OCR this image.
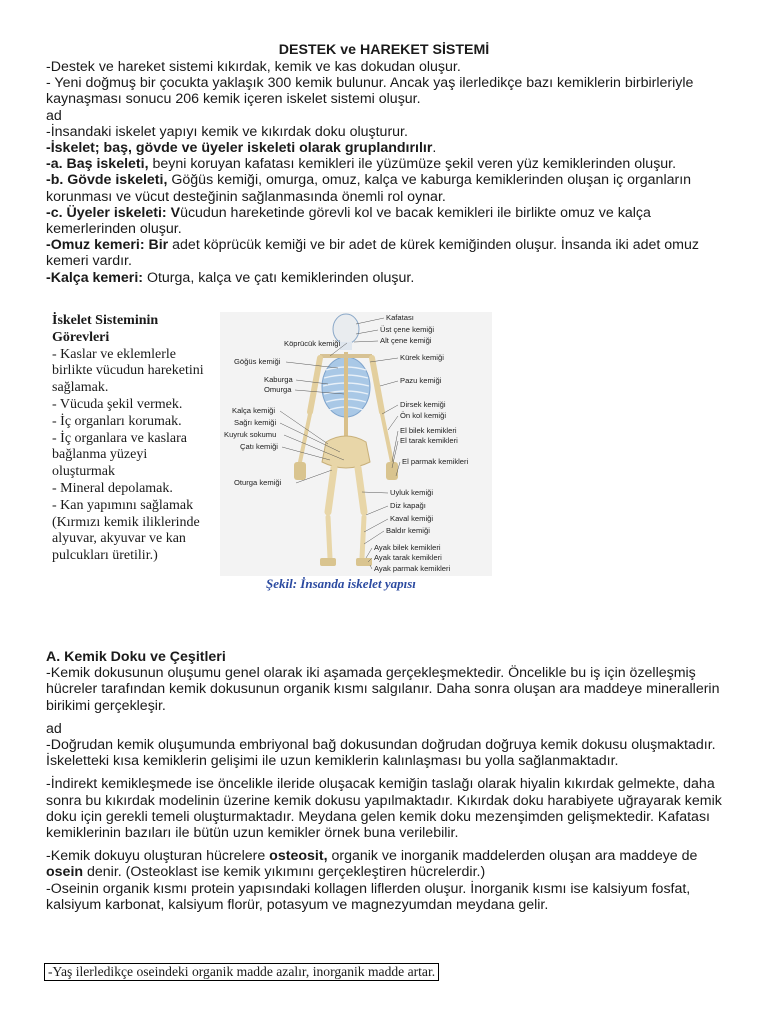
DESTEK ve HAREKET SİSTEMİ

-Destek ve hareket sistemi kıkırdak, kemik ve kas dokudan oluşur.

- Yeni doğmuş bir çocukta yaklaşık 300 kemik bulunur. Ancak yaş ilerledikçe bazı kemiklerin birbirleriyle kaynaşması sonucu 206 kemik içeren iskelet sistemi oluşur.

ad

-İnsandaki iskelet yapıyı kemik ve kıkırdak doku oluşturur.

-İskelet; baş, gövde ve üyeler iskeleti olarak gruplandırılır.

-a. Baş iskeleti, beyni koruyan kafatası kemikleri ile yüzümüze şekil veren yüz kemiklerinden oluşur.

-b. Gövde iskeleti, Göğüs kemiği, omurga, omuz, kalça ve kaburga kemiklerinden oluşan iç organların korunması ve vücut desteğinin sağlanmasında önemli rol oynar.

-c. Üyeler iskeleti: Vücudun hareketinde görevli kol ve bacak kemikleri ile birlikte omuz ve kalça kemerlerinden oluşur.

-Omuz kemeri: Bir adet köprücük kemiği ve bir adet de kürek kemiğinden oluşur. İnsanda iki adet omuz kemeri vardır.

-Kalça kemeri: Oturga, kalça ve çatı kemiklerinden oluşur.

İskelet Sisteminin Görevleri

- Kaslar ve eklemlerle birlikte vücudun hareketini sağlamak.

- Vücuda şekil vermek.

- İç organları korumak.

- İç organlara ve kaslara bağlanma yüzeyi oluşturmak

- Mineral depolamak.

- Kan yapımını sağlamak (Kırmızı kemik iliklerinde alyuvar, akyuvar ve kan pulcukları üretilir.)

Köprücük kemiği
Göğüs kemiği
Kaburga
Omurga
Kalça kemiği
Sağrı kemiği
Kuyruk sokumu
Çatı kemiği
Oturga kemiği
Kafatası
Üst çene kemiği
Alt çene kemiği
Kürek kemiği
Pazu kemiği
Dirsek kemiği
Ön kol kemiği
El bilek kemikleri
El tarak kemikleri
El parmak kemikleri
Uyluk kemiği
Diz kapağı
Kaval kemiği
Baldır kemiği
Ayak bilek kemikleri
Ayak tarak kemikleri
Ayak parmak kemikleri
Şekil: İnsanda iskelet yapısı

A. Kemik Doku ve Çeşitleri

-Kemik dokusunun oluşumu genel olarak iki aşamada gerçekleşmektedir. Öncelikle bu iş için özelleşmiş hücreler tarafından kemik dokusunun organik kısmı salgılanır. Daha sonra oluşan ara maddeye minerallerin birikimi gerçekleşir.

ad

-Doğrudan kemik oluşumunda embriyonal bağ dokusundan doğrudan doğruya kemik dokusu oluşmaktadır. İskeletteki kısa kemiklerin gelişimi ile uzun kemiklerin kalınlaşması bu yolla sağlanmaktadır.

-İndirekt kemikleşmede ise öncelikle ileride oluşacak kemiğin taslağı olarak hiyalin kıkırdak gelmekte, daha sonra bu kıkırdak modelinin üzerine kemik dokusu yapılmaktadır. Kıkırdak doku harabiyete uğrayarak kemik doku için gerekli temeli oluşturmaktadır. Meydana gelen kemik doku mezenşimden gelişmektedir. Kafatası kemiklerinin bazıları ile bütün uzun kemikler örnek buna verilebilir.

-Kemik dokuyu oluşturan hücrelere osteosit, organik ve inorganik maddelerden oluşan ara maddeye de osein denir. (Osteoklast ise kemik yıkımını gerçekleştiren hücrelerdir.)

-Oseinin organik kısmı protein yapısındaki kollagen liflerden oluşur. İnorganik kısmı ise kalsiyum fosfat, kalsiyum karbonat, kalsiyum florür, potasyum ve magnezyumdan meydana gelir.

-Yaş ilerledikçe oseindeki organik madde azalır, inorganik madde artar.
